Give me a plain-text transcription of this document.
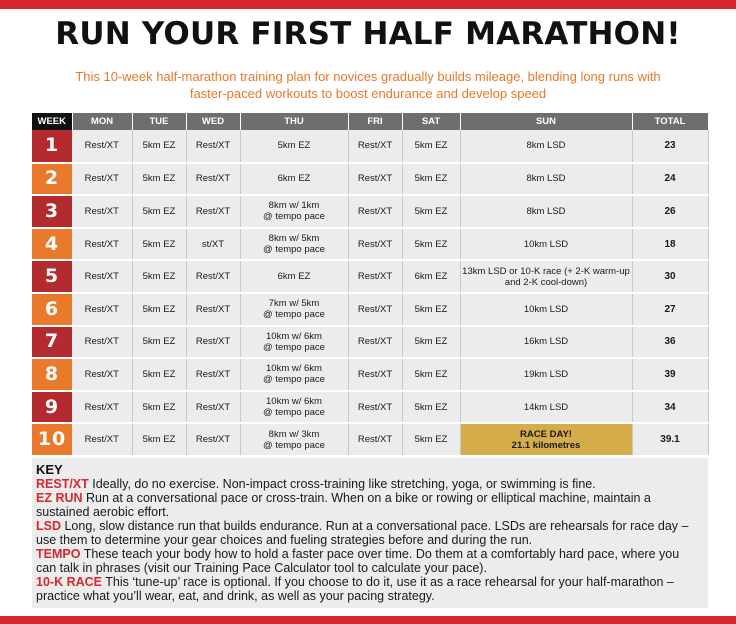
RUN YOUR FIRST HALF MARATHON!

This 10-week half-marathon training plan for novices gradually builds mileage, blending long runs with faster-paced workouts to boost endurance and develop speed

WEEK	MON	TUE	WED	THU	FRI	SAT	SUN	TOTAL
1	Rest/XT	5km EZ	Rest/XT	5km EZ	Rest/XT	5km EZ	8km LSD	23
2	Rest/XT	5km EZ	Rest/XT	6km EZ	Rest/XT	5km EZ	8km LSD	24
3	Rest/XT	5km EZ	Rest/XT	8km w/ 1km
@ tempo pace	Rest/XT	5km EZ	8km LSD	26
4	Rest/XT	5km EZ	st/XT	8km w/ 5km
@ tempo pace	Rest/XT	5km EZ	10km LSD	18
5	Rest/XT	5km EZ	Rest/XT	6km EZ	Rest/XT	6km EZ	13km LSD or 10-K race (+ 2-K warm-up
and 2-K cool-down)	30
6	Rest/XT	5km EZ	Rest/XT	7km w/ 5km
@ tempo pace	Rest/XT	5km EZ	10km LSD	27
7	Rest/XT	5km EZ	Rest/XT	10km w/ 6km
@ tempo pace	Rest/XT	5km EZ	16km LSD	36
8	Rest/XT	5km EZ	Rest/XT	10km w/ 6km
@ tempo pace	Rest/XT	5km EZ	19km LSD	39
9	Rest/XT	5km EZ	Rest/XT	10km w/ 6km
@ tempo pace	Rest/XT	5km EZ	14km LSD	34
10	Rest/XT	5km EZ	Rest/XT	8km w/ 3km
@ tempo pace	Rest/XT	5km EZ	RACE DAY!
21.1 kilometres	39.1
KEY
REST/XT Ideally, do no exercise. Non-impact cross-training like stretching, yoga, or swimming is fine.
EZ RUN Run at a conversational pace or cross-train. When on a bike or rowing or elliptical machine, maintain a sustained aerobic effort.
LSD Long, slow distance run that builds endurance. Run at a conversational pace. LSDs are rehearsals for race day – use them to determine your gear choices and fueling strategies before and during the run.
TEMPO These teach your body how to hold a faster pace over time. Do them at a comfortably hard pace, where you can talk in phrases (visit our Training Pace Calculator tool to calculate your pace).
10-K RACE This ‘tune-up’ race is optional. If you choose to do it, use it as a race rehearsal for your half-marathon – practice what you’ll wear, eat, and drink, as well as your pacing strategy.
